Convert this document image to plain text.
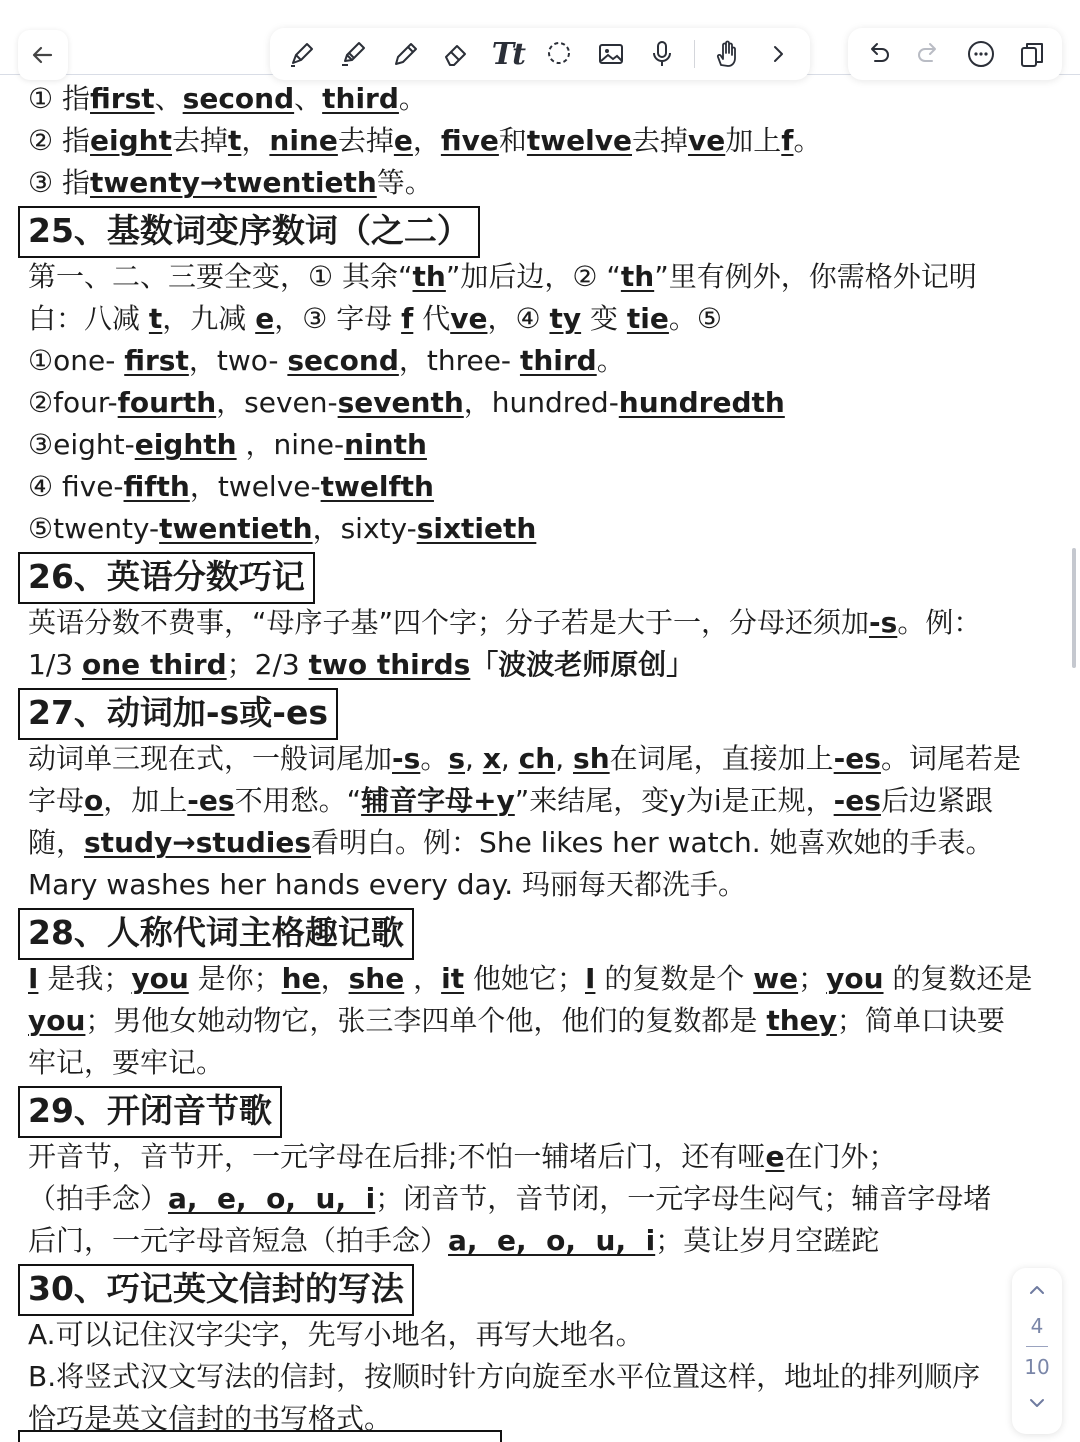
Tt
① 指first、second、third。
② 指eight去掉t，nine去掉e，five和twelve去掉ve加上f。
③ 指twenty→twentieth等。
25、基数词变序数词（之二）
第一、二、三要全变，① 其余“th”加后边，② “th”里有例外，你需格外记明
白：八减 t，九减 e，③ 字母 f 代ve，④ ty 变 tie。⑤
①one- first，two- second，three- third。
②four-fourth，seven-seventh，hundred-hundredth
③eight-eighth ，nine-ninth
④ five-fifth，twelve-twelfth
⑤twenty-twentieth，sixty-sixtieth
26、英语分数巧记
英语分数不费事，“母序子基”四个字；分子若是大于一，分母还须加-s。例：
1/3 one third；2/3 two thirds「波波老师原创」
27、动词加-s或-es
动词单三现在式，一般词尾加-s。s, x, ch, sh在词尾，直接加上-es。词尾若是
字母o，加上-es不用愁。“辅音字母+y”来结尾，变y为i是正规，-es后边紧跟
随，study→studies看明白。例：She likes her watch. 她喜欢她的手表。
Mary washes her hands every day. 玛丽每天都洗手。
28、人称代词主格趣记歌
I 是我；you 是你；he，she ，it 他她它；I 的复数是个 we；you 的复数还是
you；男他女她动物它，张三李四单个他，他们的复数都是 they；简单口诀要
牢记，要牢记。
29、开闭音节歌
开音节，音节开，一元字母在后排;不怕一辅堵后门，还有哑e在门外；
（拍手念）a,  e,  o,  u,  i；闭音节，音节闭，一元字母生闷气；辅音字母堵
后门，一元字母音短急（拍手念）a,  e,  o,  u,  i；莫让岁月空蹉跎
30、巧记英文信封的写法
A.可以记住汉字尖字，先写小地名，再写大地名。
B.将竖式汉文写法的信封，按顺时针方向旋至水平位置这样，地址的排列顺序
恰巧是英文信封的书写格式。
4
10
